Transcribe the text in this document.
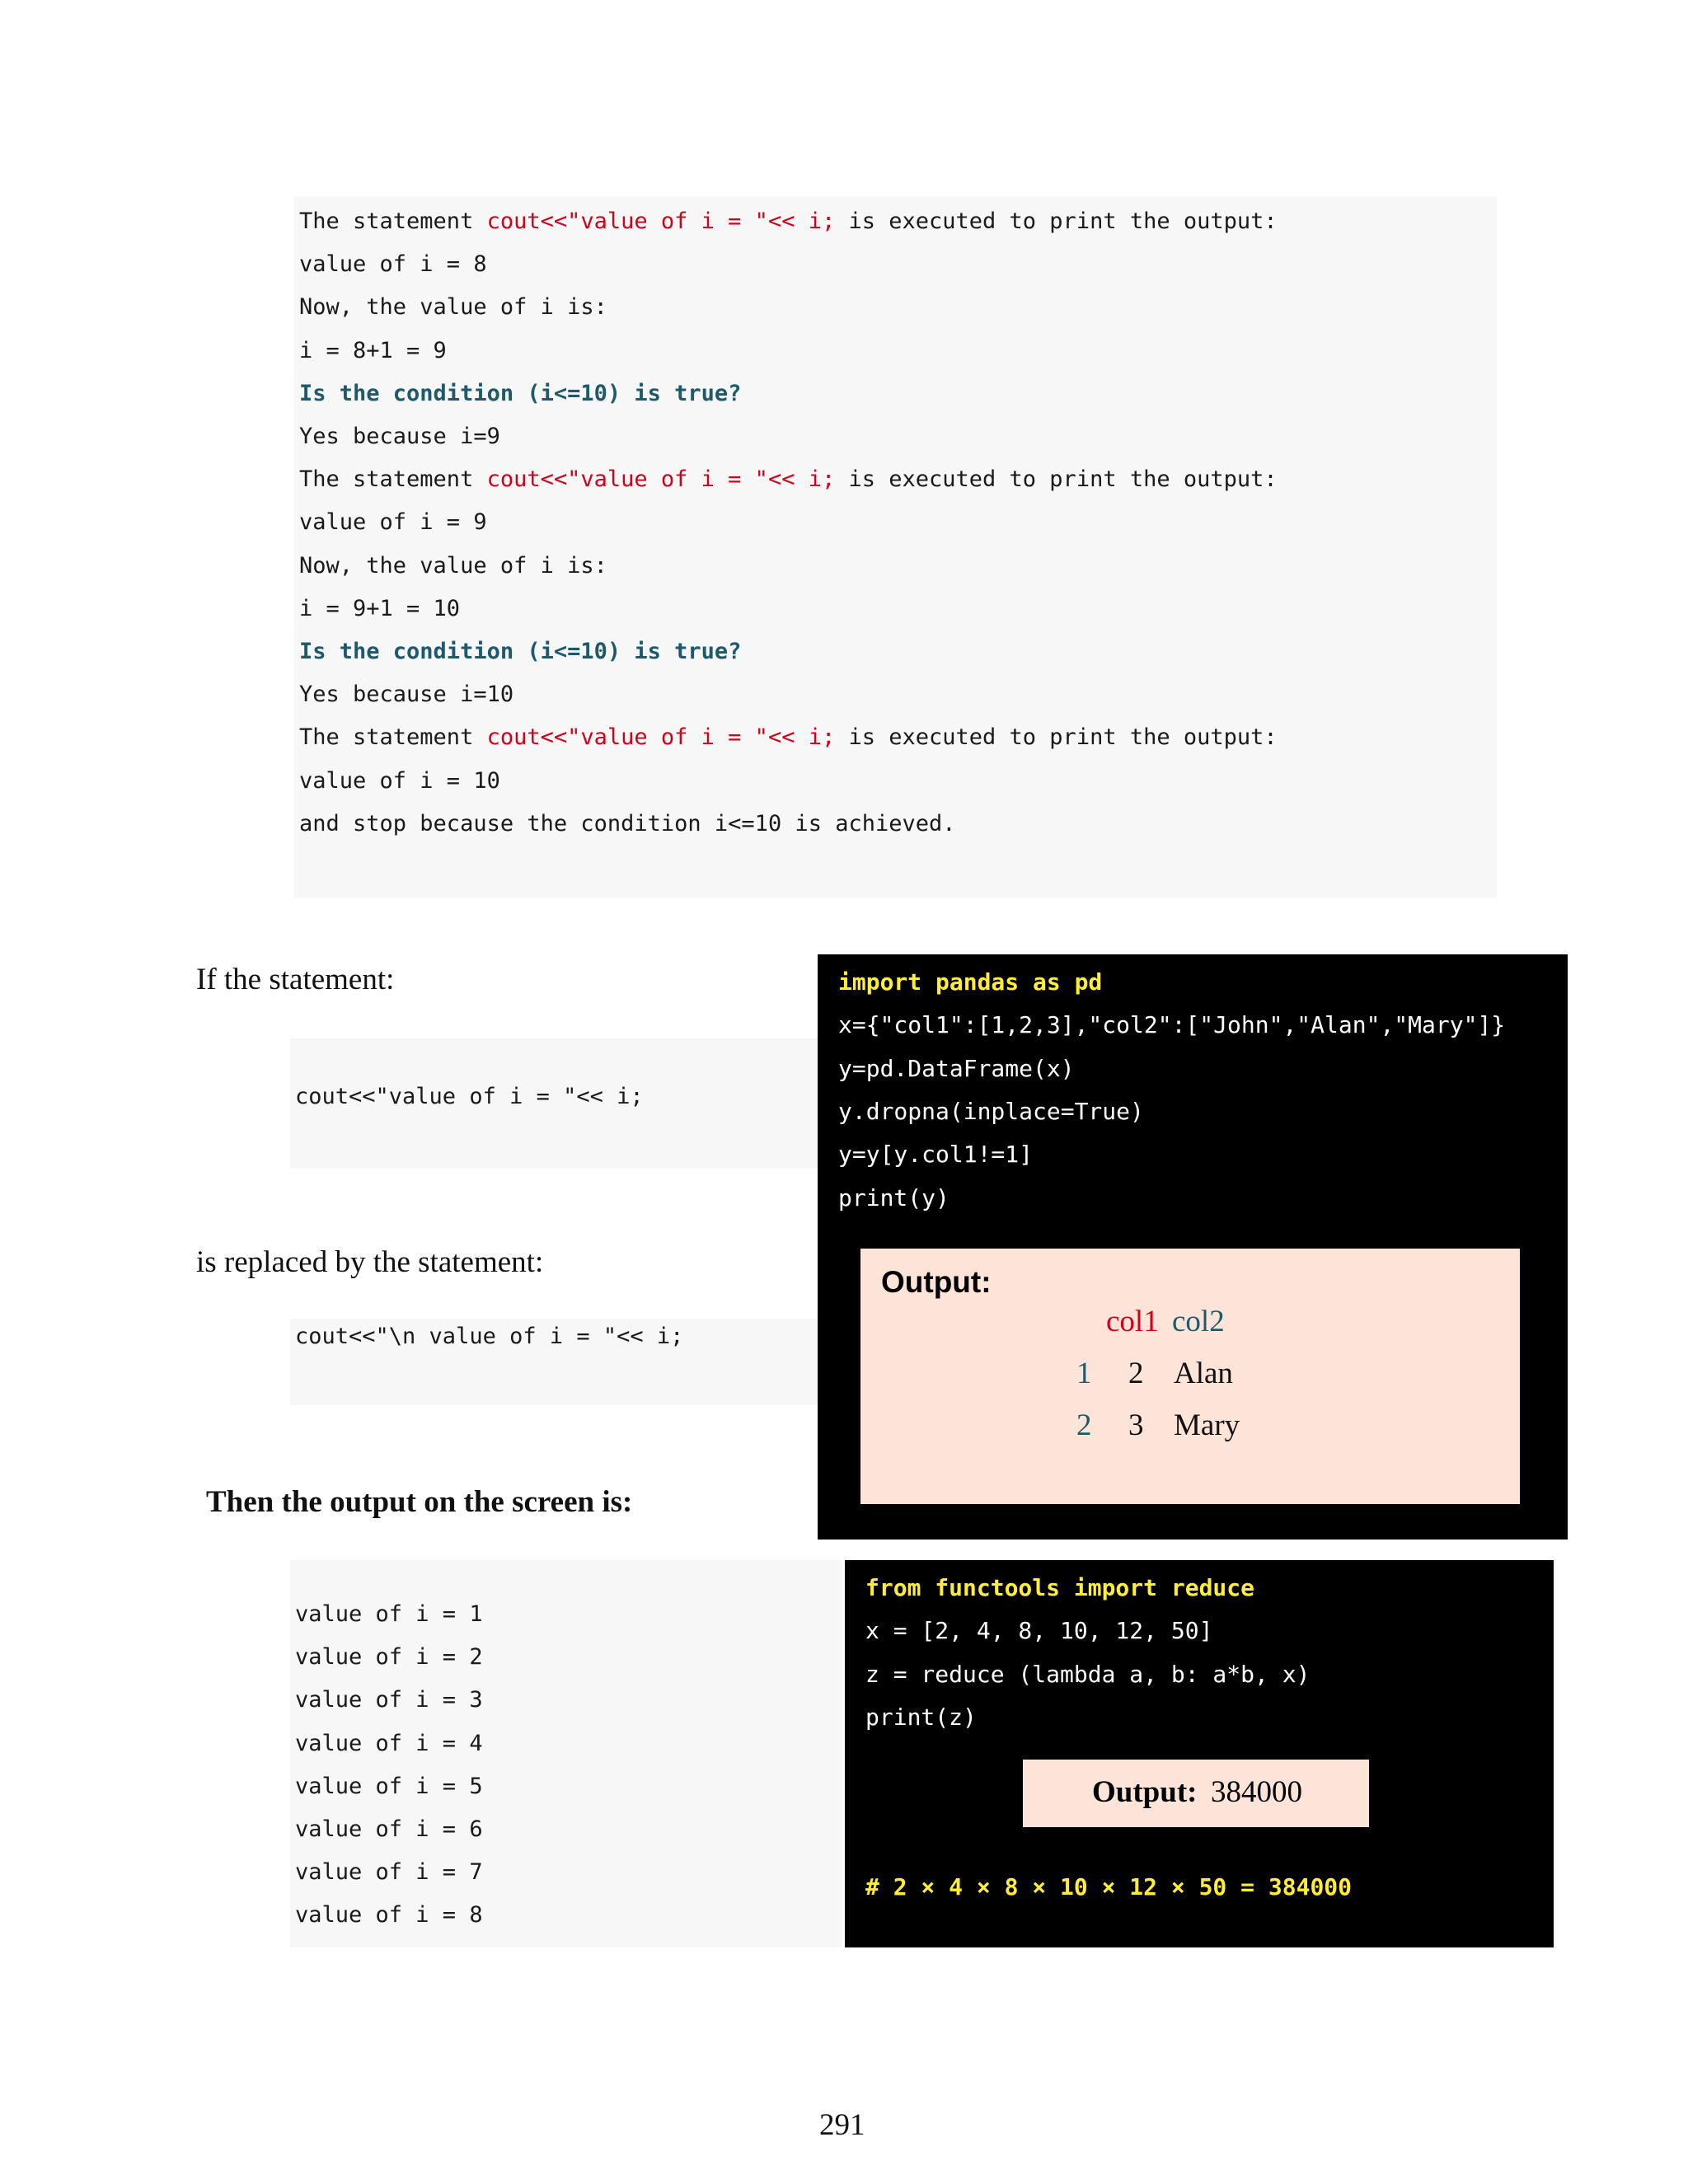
The statement cout<<"value of i = "<< i; is executed to print the output:
value of i = 8
Now, the value of i is:
i = 8+1 = 9
Is the condition (i<=10) is true?
Yes because i=9
The statement cout<<"value of i = "<< i; is executed to print the output:
value of i = 9
Now, the value of i is:
i = 9+1 = 10
Is the condition (i<=10) is true?
Yes because i=10
The statement cout<<"value of i = "<< i; is executed to print the output:
value of i = 10
and stop because the condition i<=10 is achieved.
If the statement:
cout<<"value of i = "<< i;
is replaced by the statement:
cout<<"\n value of i = "<< i;
Then the output on the screen is:
value of i = 1
value of i = 2
value of i = 3
value of i = 4
value of i = 5
value of i = 6
value of i = 7
value of i = 8
Output:
col1 col2
1 2 Alan
2 3 Mary
import pandas as pd
x={"col1":[1,2,3],"col2":["John","Alan","Mary"]}
y=pd.DataFrame(x)
y.dropna(inplace=True)
y=y[y.col1!=1]
print(y)
Output: 384000
# 2 × 4 × 8 × 10 × 12 × 50 = 384000
from functools import reduce
x = [2, 4, 8, 10, 12, 50]
z = reduce (lambda a, b: a*b, x)
print(z)
291
